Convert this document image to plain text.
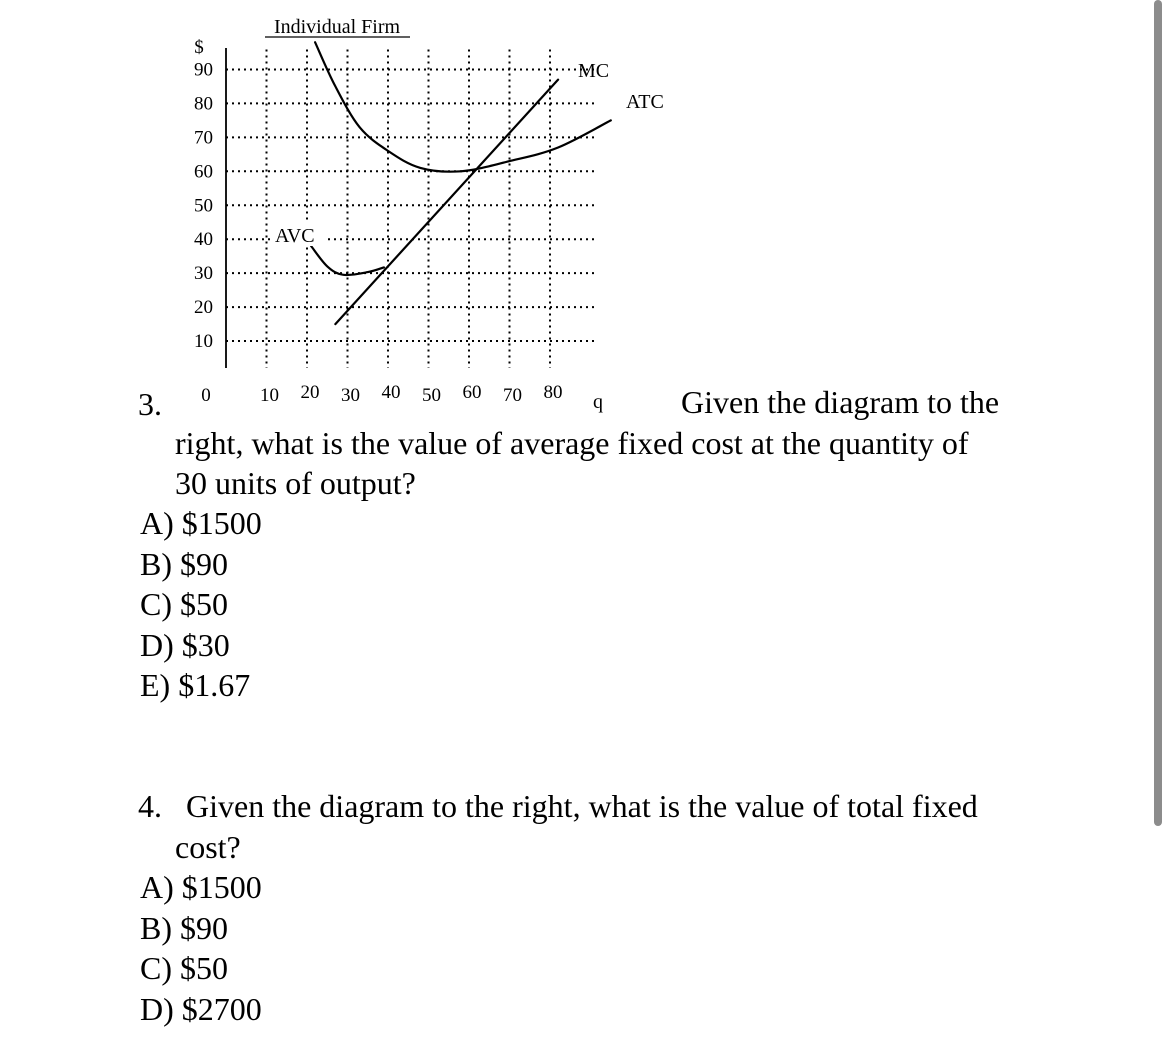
Individual Firm
$
10
20
30
40
50
60
70
80
90
10 20 30 40 50 60 70 80
MC
ATC
AVC
0	q
3.	Given the diagram to the

right, what is the value of average fixed cost at the quantity of

30 units of output?

A) $1500
B) $90
C) $50
D) $30
E) $1.67
4. Given the diagram to the right, what is the value of total fixed

cost?

A) $1500
B) $90
C) $50
D) $2700
